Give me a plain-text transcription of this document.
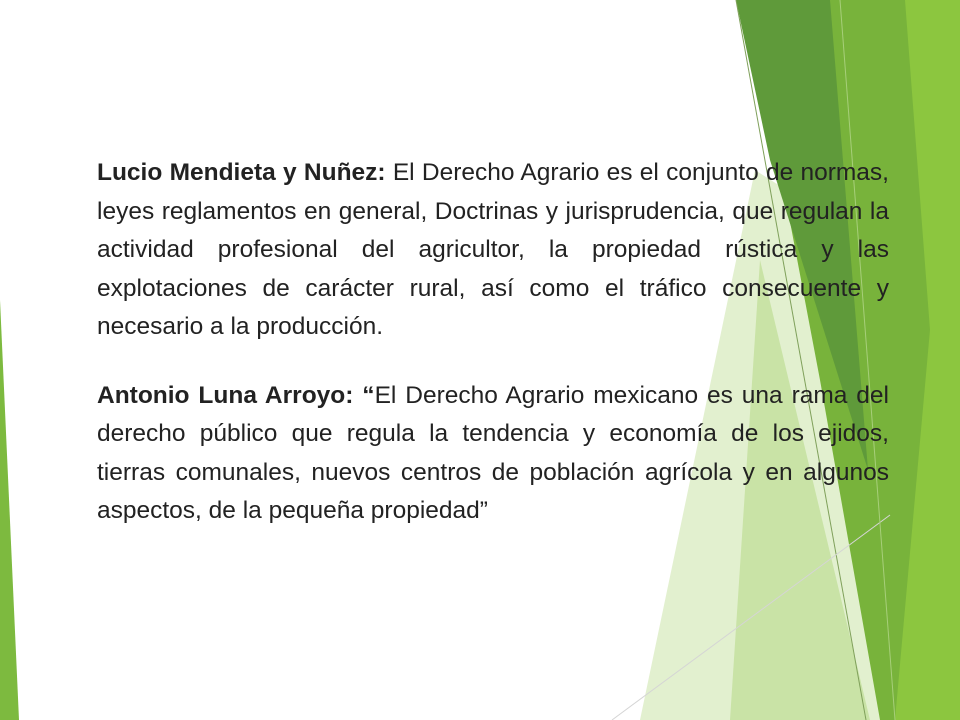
Lucio Mendieta y Nuñez: El Derecho Agrario es el conjunto de normas, leyes reglamentos en general, Doctrinas y jurisprudencia, que regulan la actividad profesional del agricultor, la propiedad rústica y las explotaciones de carácter rural, así como el tráfico consecuente y necesario a la producción.

Antonio Luna Arroyo: “El Derecho Agrario mexicano es una rama del derecho público que regula la tendencia y economía de los ejidos, tierras comunales, nuevos centros de población agrícola y en algunos aspectos, de la pequeña propiedad”
